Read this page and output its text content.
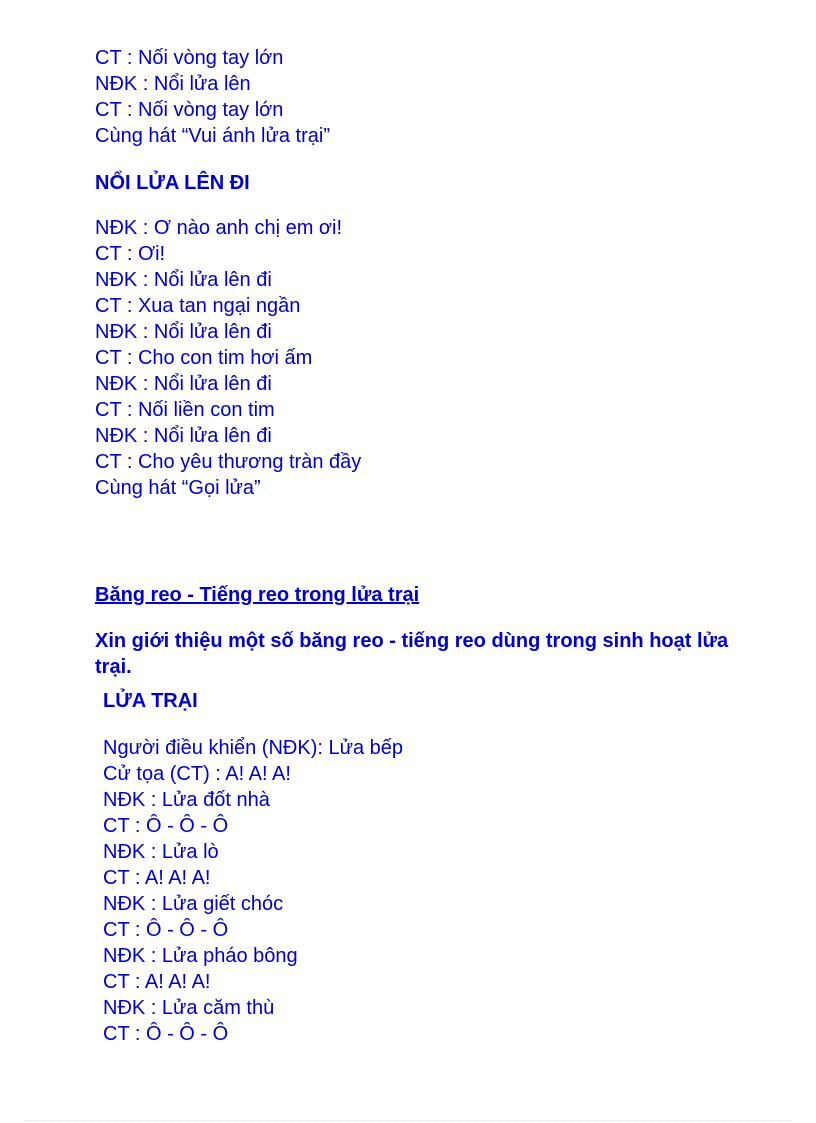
CT : Nối vòng tay lớn
NĐK : Nổi lửa lên
CT : Nối vòng tay lớn
Cùng hát “Vui ánh lửa trại”
NỔI LỬA LÊN ĐI
NĐK : Ơ nào anh chị em ơi!
CT : Ơi!
NĐK : Nổi lửa lên đi
CT : Xua tan ngại ngần
NĐK : Nổi lửa lên đi
CT : Cho con tim hơi ấm
NĐK : Nổi lửa lên đi
CT : Nối liền con tim
NĐK : Nổi lửa lên đi
CT : Cho yêu thương tràn đầy
Cùng hát “Gọi lửa”
Băng reo - Tiếng reo trong lửa trại
Xin giới thiệu một số băng reo - tiếng reo dùng trong sinh hoạt lửa trại.
LỬA TRẠI
Người điều khiển (NĐK): Lửa bếp
Cử tọa (CT) : A! A! A!
NĐK : Lửa đốt nhà
CT : Ô - Ô - Ô
NĐK : Lửa lò
CT : A! A! A!
NĐK : Lửa giết chóc
CT : Ô - Ô - Ô
NĐK : Lửa pháo bông
CT : A! A! A!
NĐK : Lửa căm thù
CT : Ô - Ô - Ô
